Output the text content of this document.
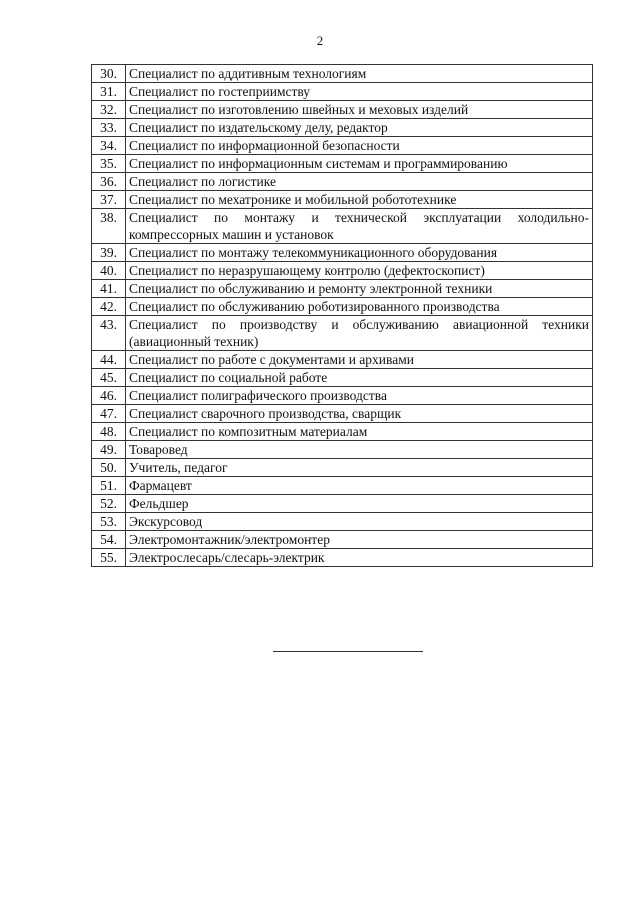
2
30.	Специалист по аддитивным технологиям
31.	Специалист по гостеприимству
32.	Специалист по изготовлению швейных и меховых изделий
33.	Специалист по издательскому делу, редактор
34.	Специалист по информационной безопасности
35.	Специалист по информационным системам и программированию
36.	Специалист по логистике
37.	Специалист по мехатронике и мобильной робототехнике
38.	Специалист по монтажу и технической эксплуатации холодильно-компрессорных машин и установок
39.	Специалист по монтажу телекоммуникационного оборудования
40.	Специалист по неразрушающему контролю (дефектоскопист)
41.	Специалист по обслуживанию и ремонту электронной техники
42.	Специалист по обслуживанию роботизированного производства
43.	Специалист по производству и обслуживанию авиационной техники (авиационный техник)
44.	Специалист по работе с документами и архивами
45.	Специалист по социальной работе
46.	Специалист полиграфического производства
47.	Специалист сварочного производства, сварщик
48.	Специалист по композитным материалам
49.	Товаровед
50.	Учитель, педагог
51.	Фармацевт
52.	Фельдшер
53.	Экскурсовод
54.	Электромонтажник/электромонтер
55.	Электрослесарь/слесарь-электрик
